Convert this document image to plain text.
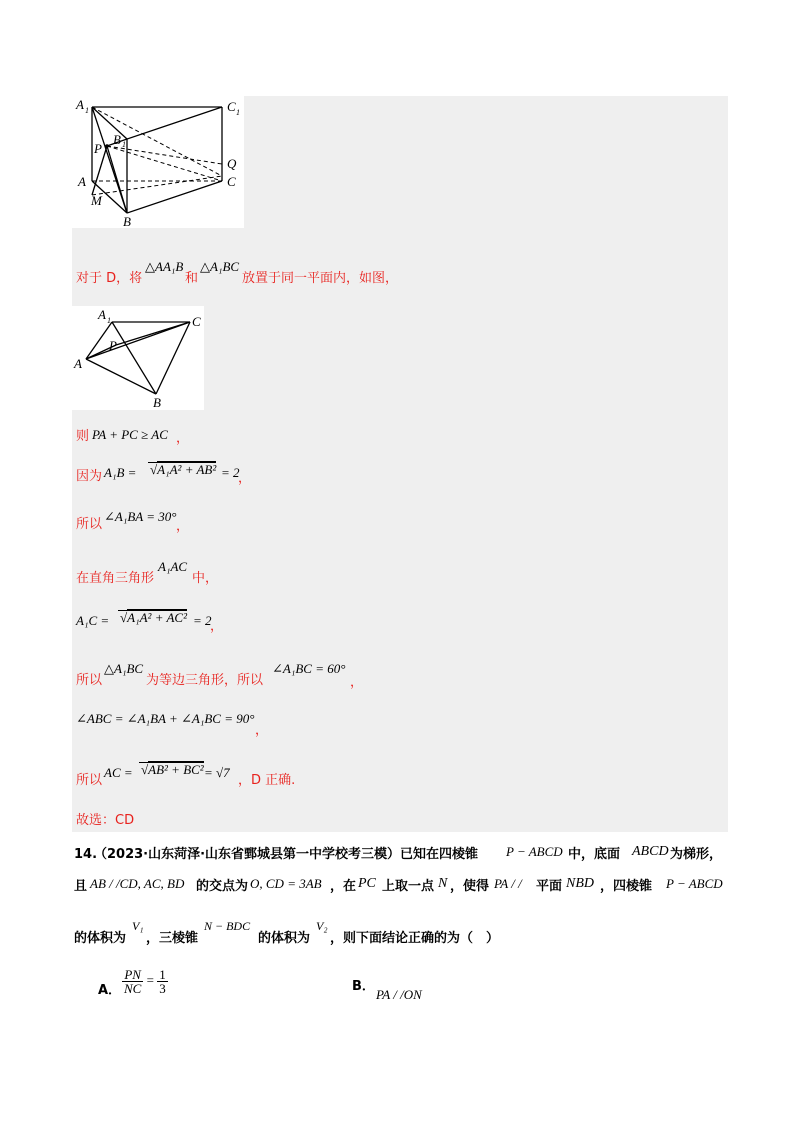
A 1	C 1
B 1
P
Q
A	C
M
B
对于 D，将
△AA₁B
和
△A₁BC
放置于同一平面内，如图，
A 1	C
P
A
B
则 PA + PC ≥ AC ，
因为 A₁B = √A₁A² + AB² = 2
，
所以
∠A₁BA = 30°
，
在直角三角形
A₁AC
中，
A₁C = √A₁A² + AC² = 2
，
所以
△A₁BC
为等边三角形，所以
∠A₁BC = 60°
，
∠ABC = ∠A₁BA + ∠A₁BC = 90°
，
所以
AC = √AB² + BC² = √7
，D 正确.
故选：CD
14.
（2023·山东菏泽·山东省鄄城县第一中学校考三模）已知在四棱锥 P − ABCD 中，底面 ABCD 为梯形，
且 AB / /CD, AC, BD 的交点为 O, CD = 3AB ，在 PC 上取一点 N ，使得 PA / / 平面 NBD ，四棱锥 P − ABCD
的体积为
V₁
，三棱锥
N − BDC
的体积为
V₂
，则下面结论正确的为（　）
A． $\frac{PN}{NC} = \frac{1}{3}$	B．
PA / /ON
